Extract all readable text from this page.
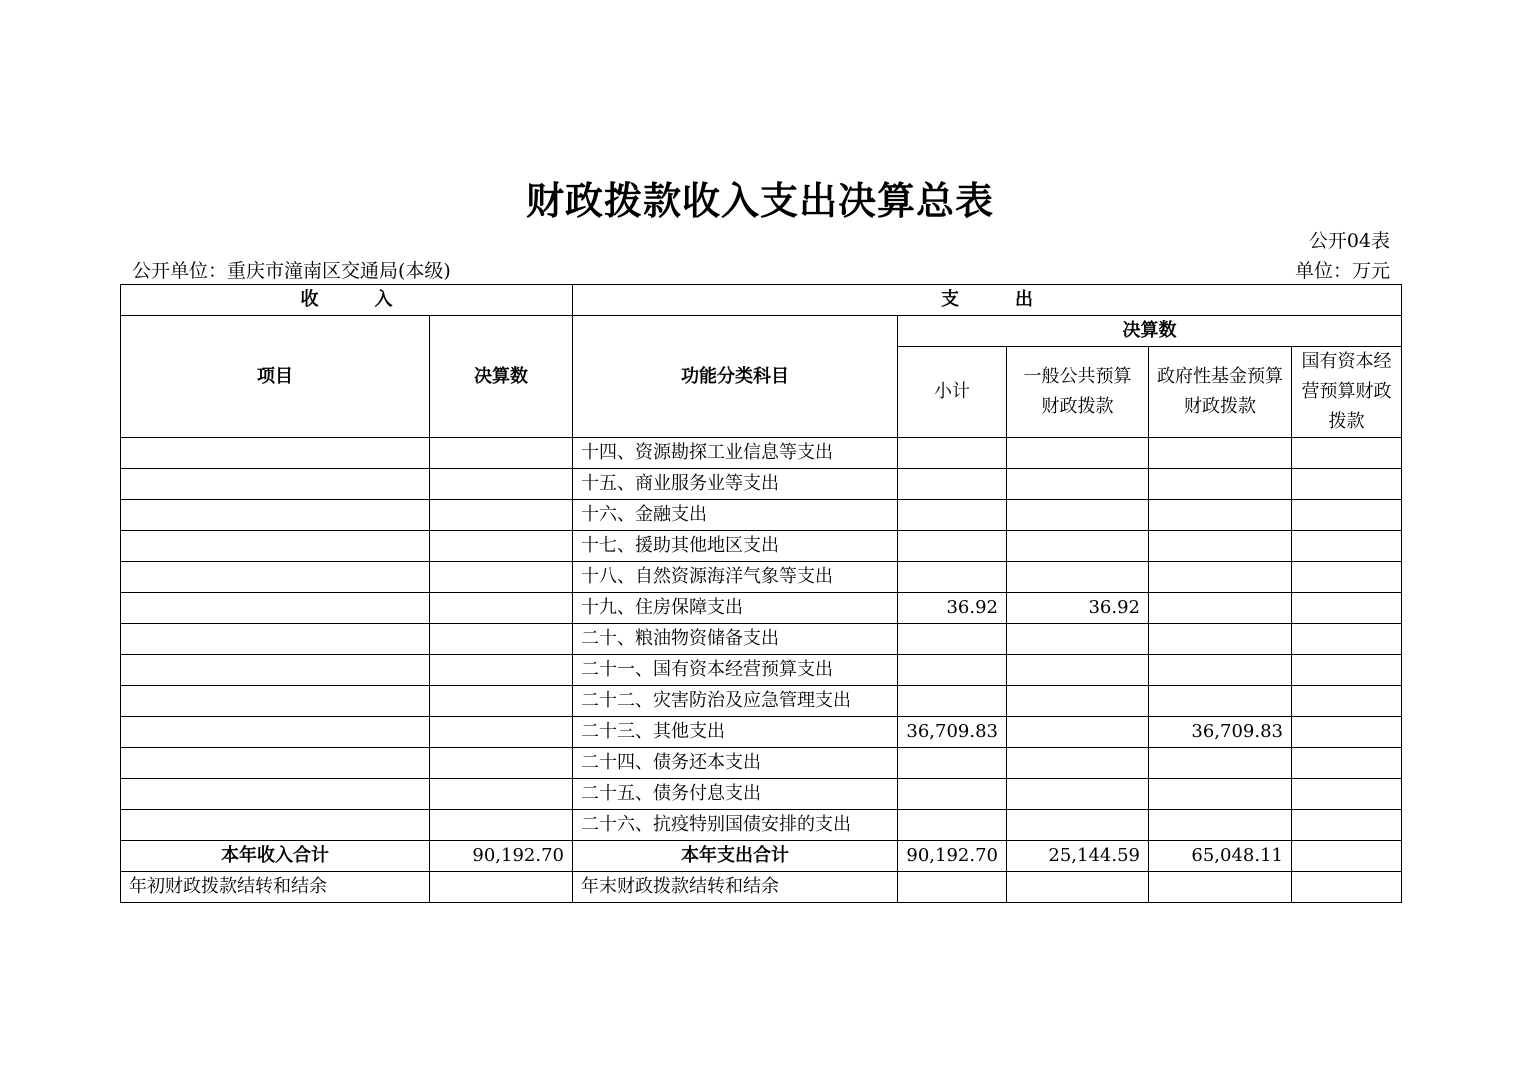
财政拨款收入支出决算总表
公开04表
公开单位：重庆市潼南区交通局(本级)	单位：万元
收 入		支 出				
项目	决算数	功能分类科目	决算数			
			小计	一般公共预算财政拨款	政府性基金预算财政拨款	国有资本经营预算财政拨款
		十四、资源勘探工业信息等支出				
		十五、商业服务业等支出				
		十六、金融支出				
		十七、援助其他地区支出				
		十八、自然资源海洋气象等支出				
		十九、住房保障支出	36.92	36.92		
		二十、粮油物资储备支出				
		二十一、国有资本经营预算支出				
		二十二、灾害防治及应急管理支出				
		二十三、其他支出	36,709.83		36,709.83	
		二十四、债务还本支出				
		二十五、债务付息支出				
		二十六、抗疫特别国债安排的支出				
本年收入合计	90,192.70	本年支出合计	90,192.70	25,144.59	65,048.11	
年初财政拨款结转和结余		年末财政拨款结转和结余				
